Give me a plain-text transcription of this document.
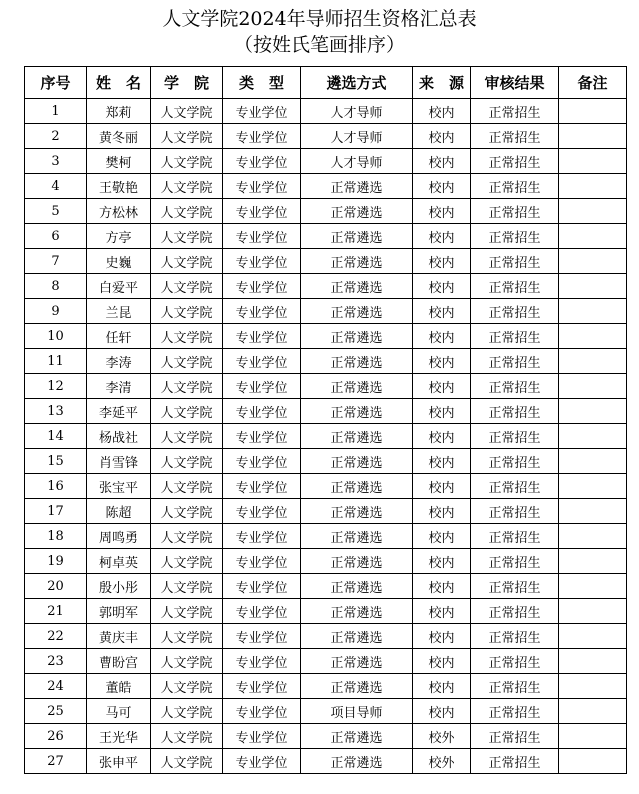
人文学院2024年导师招生资格汇总表
（按姓氏笔画排序）
序号	姓　名	学　院	类　型	遴选方式	来　源	审核结果	备注
1	郑莉	人文学院	专业学位	人才导师	校内	正常招生	
2	黄冬丽	人文学院	专业学位	人才导师	校内	正常招生	
3	樊柯	人文学院	专业学位	人才导师	校内	正常招生	
4	王敬艳	人文学院	专业学位	正常遴选	校内	正常招生	
5	方松林	人文学院	专业学位	正常遴选	校内	正常招生	
6	方亭	人文学院	专业学位	正常遴选	校内	正常招生	
7	史巍	人文学院	专业学位	正常遴选	校内	正常招生	
8	白爱平	人文学院	专业学位	正常遴选	校内	正常招生	
9	兰昆	人文学院	专业学位	正常遴选	校内	正常招生	
10	任轩	人文学院	专业学位	正常遴选	校内	正常招生	
11	李涛	人文学院	专业学位	正常遴选	校内	正常招生	
12	李清	人文学院	专业学位	正常遴选	校内	正常招生	
13	李延平	人文学院	专业学位	正常遴选	校内	正常招生	
14	杨战社	人文学院	专业学位	正常遴选	校内	正常招生	
15	肖雪锋	人文学院	专业学位	正常遴选	校内	正常招生	
16	张宝平	人文学院	专业学位	正常遴选	校内	正常招生	
17	陈超	人文学院	专业学位	正常遴选	校内	正常招生	
18	周鸣勇	人文学院	专业学位	正常遴选	校内	正常招生	
19	柯卓英	人文学院	专业学位	正常遴选	校内	正常招生	
20	殷小彤	人文学院	专业学位	正常遴选	校内	正常招生	
21	郭明军	人文学院	专业学位	正常遴选	校内	正常招生	
22	黄庆丰	人文学院	专业学位	正常遴选	校内	正常招生	
23	曹盼宫	人文学院	专业学位	正常遴选	校内	正常招生	
24	董皓	人文学院	专业学位	正常遴选	校内	正常招生	
25	马可	人文学院	专业学位	项目导师	校内	正常招生	
26	王光华	人文学院	专业学位	正常遴选	校外	正常招生	
27	张申平	人文学院	专业学位	正常遴选	校外	正常招生	
